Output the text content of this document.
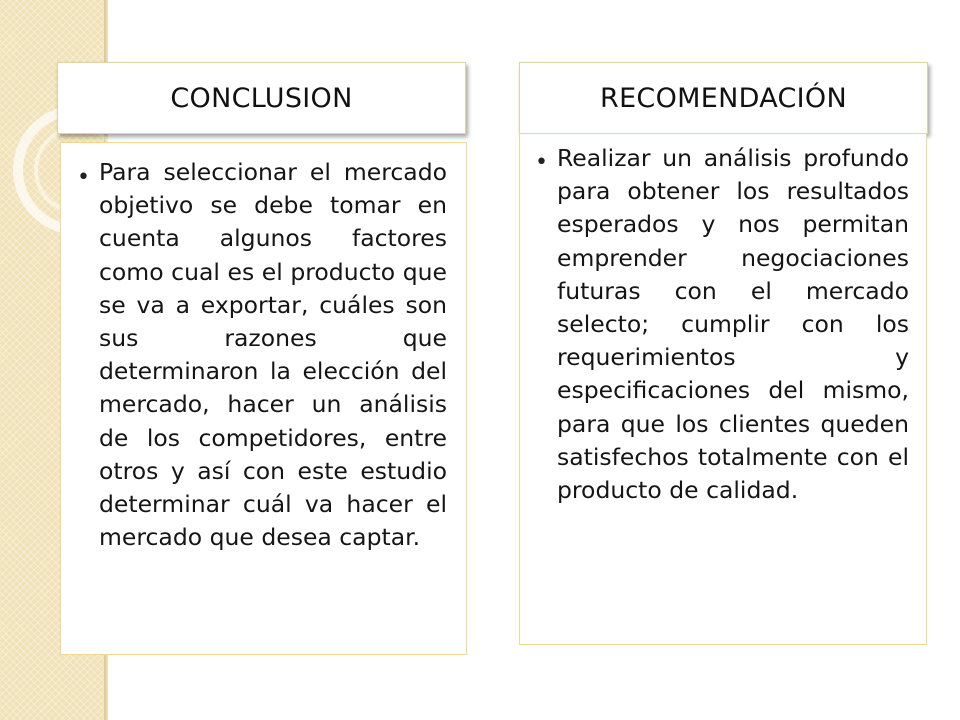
CONCLUSION
• Para seleccionar el mercado objetivo se debe tomar en cuenta algunos factores como cual es el producto que se va a exportar, cuáles son sus razones que determinaron la elección del mercado, hacer un análisis de los competidores, entre otros y así con este estudio determinar cuál va hacer el mercado que desea captar.

RECOMENDACIÓN
• Realizar un análisis profundo para obtener los resultados esperados y nos permitan emprender negociaciones futuras con el mercado selecto; cumplir con los requerimientos y especificaciones del mismo, para que los clientes queden satisfechos totalmente con el producto de calidad.
